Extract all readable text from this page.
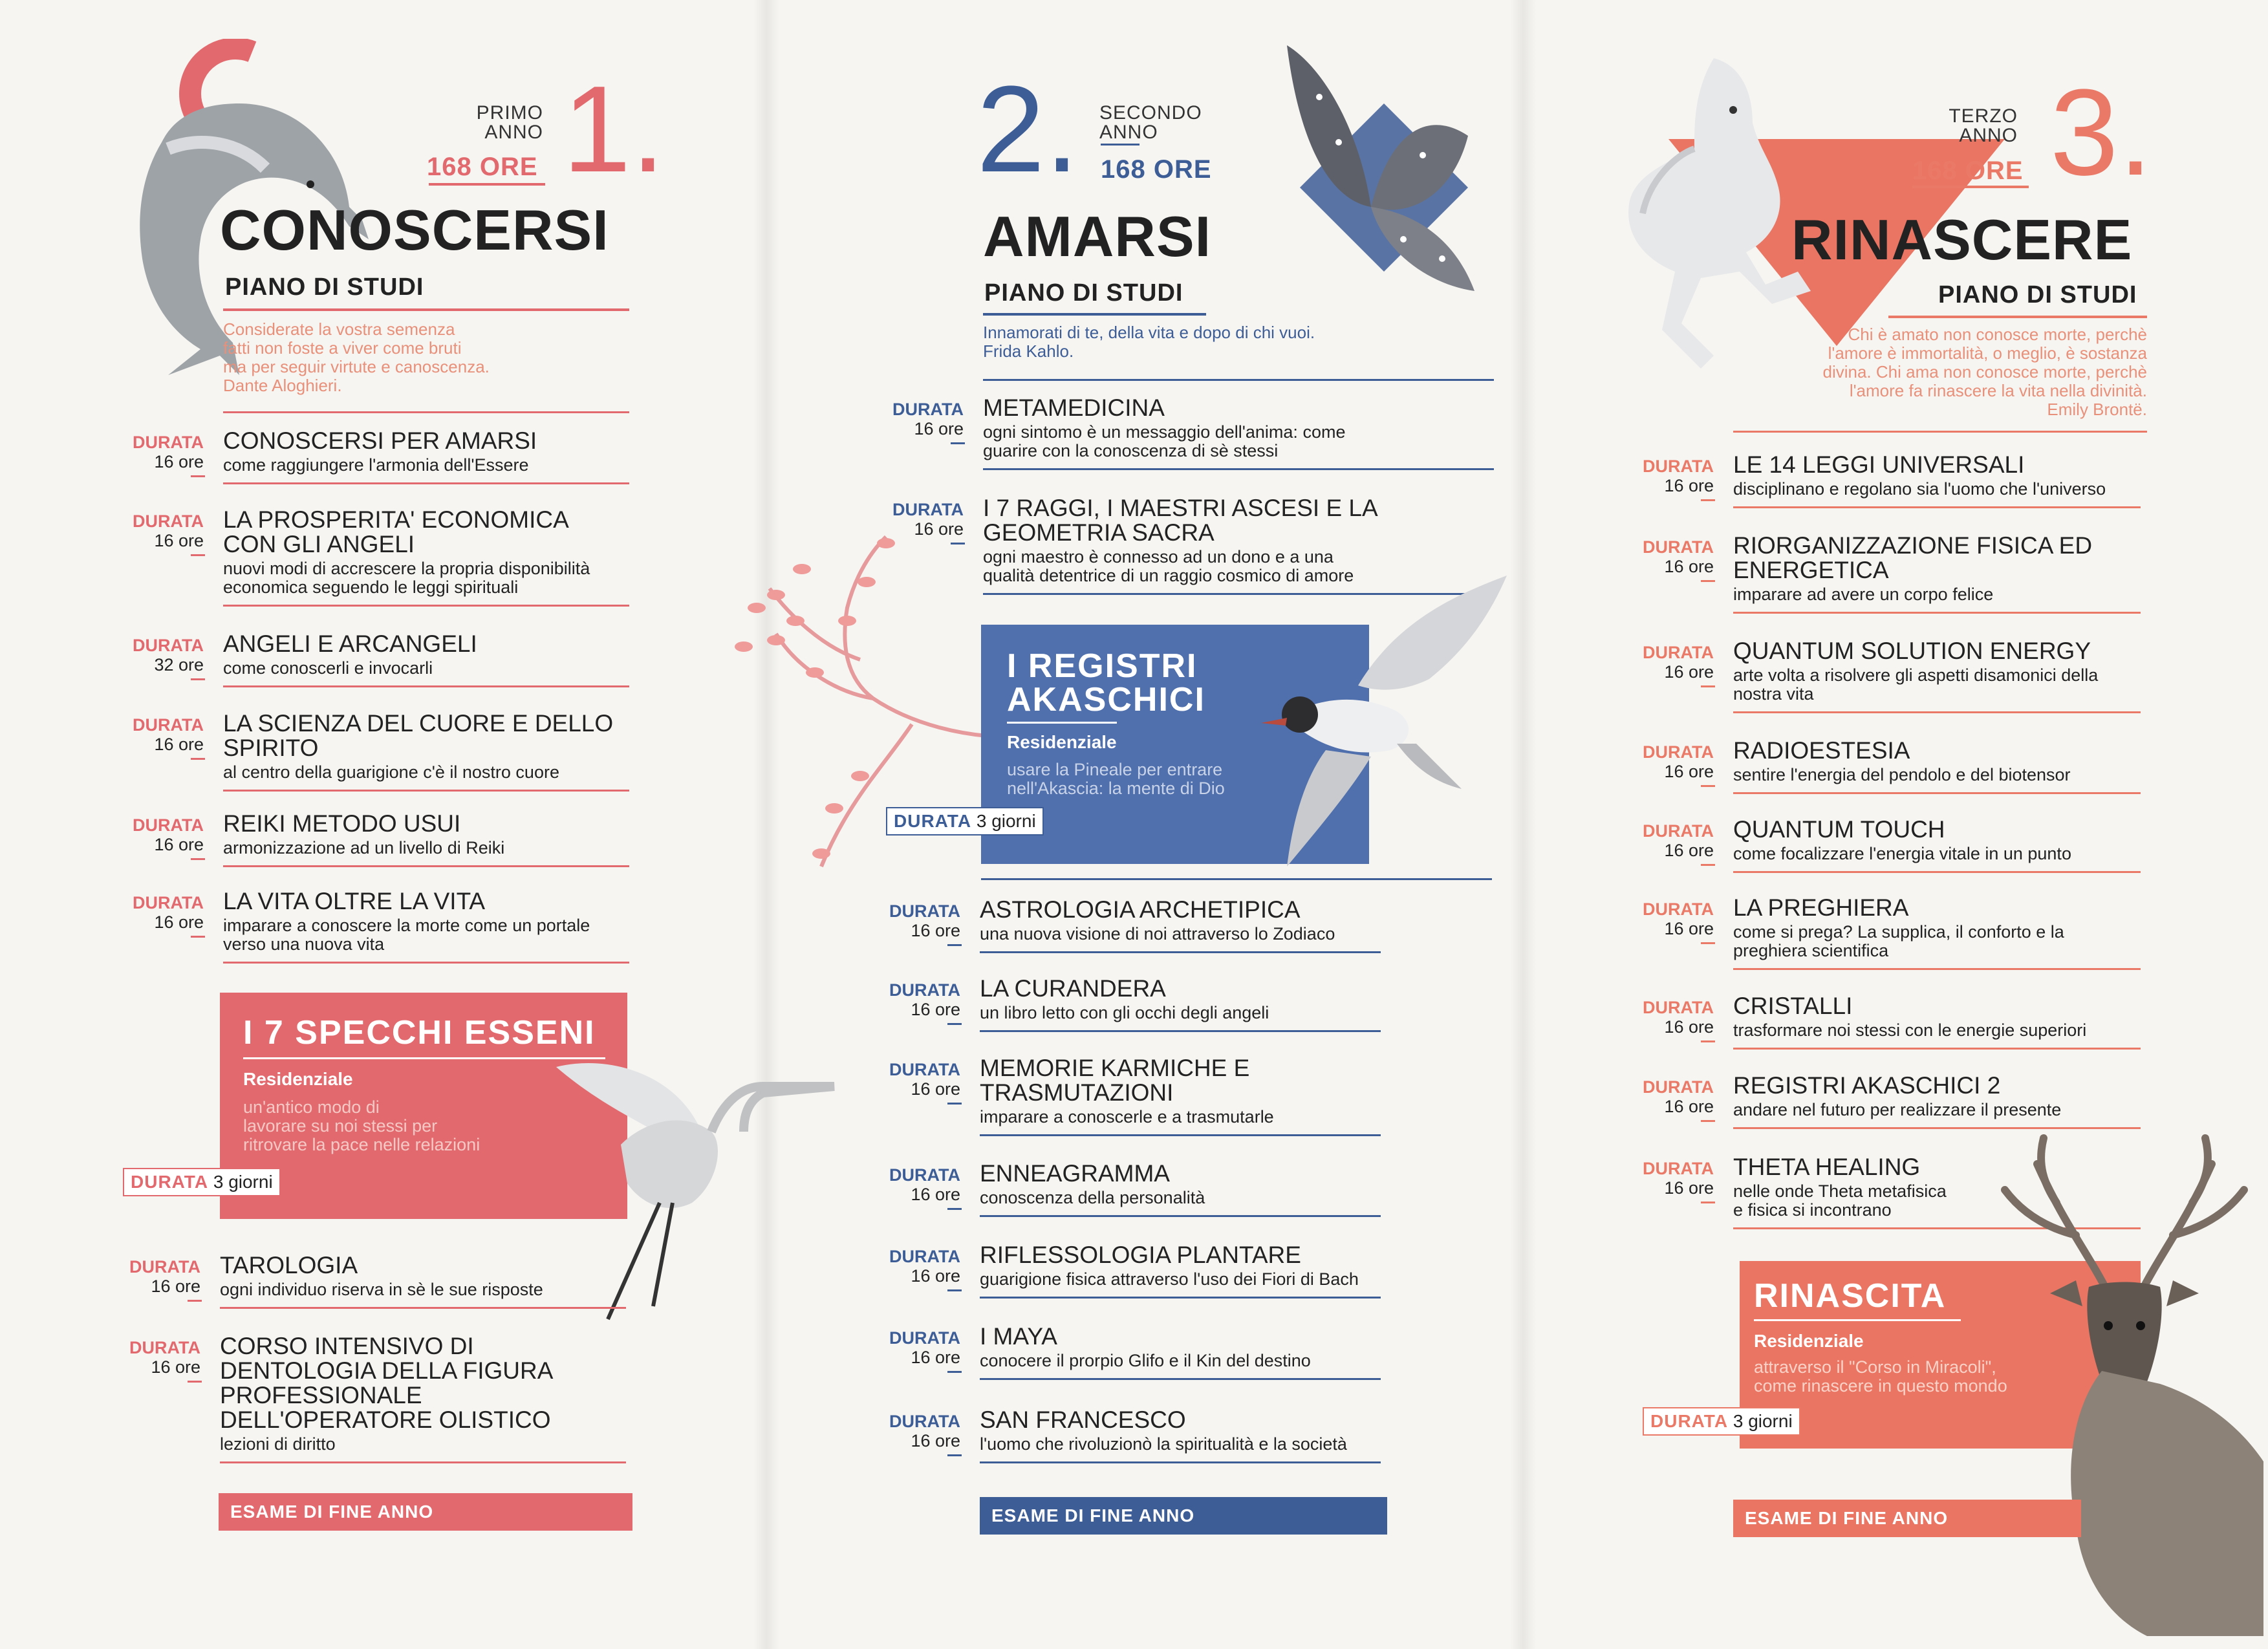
PRIMO
ANNO
168 ORE 1.
CONOSCERSI
PIANO DI STUDI
Considerate la vostra semenza
fatti non foste a viver come bruti
ma per seguir virtute e canoscenza.
Dante Aloghieri.
DURATA
16 ore
CONOSCERSI PER AMARSI
come raggiungere l'armonia dell'Essere
DURATA
16 ore
LA PROSPERITA' ECONOMICA
CON GLI ANGELI
nuovi modi di accrescere la propria disponibilità
economica seguendo le leggi spirituali
DURATA
32 ore
ANGELI E ARCANGELI
come conoscerli e invocarli
DURATA
16 ore
LA SCIENZA DEL CUORE E DELLO
SPIRITO
al centro della guarigione c'è il nostro cuore
DURATA
16 ore
REIKI METODO USUI
armonizzazione ad un livello di Reiki
DURATA
16 ore
LA VITA OLTRE LA VITA
imparare a conoscere la morte come un portale
verso una nuova vita
I 7 SPECCHI ESSENI
Residenziale
un'antico modo di
lavorare su noi stessi per
ritrovare la pace nelle relazioni
DURATA 3 giorni
DURATA
16 ore
TAROLOGIA
ogni individuo riserva in sè le sue risposte
DURATA
16 ore
CORSO INTENSIVO DI
DENTOLOGIA DELLA FIGURA
PROFESSIONALE
DELL'OPERATORE OLISTICO
lezioni di diritto
ESAME DI FINE ANNO
2. SECONDO
ANNO
168 ORE
AMARSI
PIANO DI STUDI
Innamorati di te, della vita e dopo di chi vuoi.
Frida Kahlo.
DURATA
16 ore
METAMEDICINA
ogni sintomo è un messaggio dell'anima: come
guarire con la conoscenza di sè stessi
DURATA
16 ore
I 7 RAGGI, I MAESTRI ASCESI E LA
GEOMETRIA SACRA
ogni maestro è connesso ad un dono e a una
qualità detentrice di un raggio cosmico di amore
I REGISTRI
AKASCHICI
Residenziale
usare la Pineale per entrare
nell'Akascia: la mente di Dio
DURATA 3 giorni
DURATA
16 ore
ASTROLOGIA ARCHETIPICA
una nuova visione di noi attraverso lo Zodiaco
DURATA
16 ore
LA CURANDERA
un libro letto con gli occhi degli angeli
DURATA
16 ore
MEMORIE KARMICHE E
TRASMUTAZIONI
imparare a conoscerle e a trasmutarle
DURATA
16 ore
ENNEAGRAMMA
conoscenza della personalità
DURATA
16 ore
RIFLESSOLOGIA PLANTARE
guarigione fisica attraverso l'uso dei Fiori di Bach
DURATA
16 ore
I MAYA
conocere il prorpio Glifo e il Kin del destino
DURATA
16 ore
SAN FRANCESCO
l'uomo che rivoluzionò la spiritualità e la società
ESAME DI FINE ANNO
TERZO
ANNO
168 ORE 3.
RINASCERE
PIANO DI STUDI
Chi è amato non conosce morte, perchè
l'amore è immortalità, o meglio, è sostanza
divina. Chi ama non conosce morte, perchè
l'amore fa rinascere la vita nella divinità.
Emily Brontë.
DURATA
16 ore
LE 14 LEGGI UNIVERSALI
disciplinano e regolano sia l'uomo che l'universo
DURATA
16 ore
RIORGANIZZAZIONE FISICA ED
ENERGETICA
imparare ad avere un corpo felice
DURATA
16 ore
QUANTUM SOLUTION ENERGY
arte volta a risolvere gli aspetti disamonici della
nostra vita
DURATA
16 ore
RADIOESTESIA
sentire l'energia del pendolo e del biotensor
DURATA
16 ore
QUANTUM TOUCH
come focalizzare l'energia vitale in un punto
DURATA
16 ore
LA PREGHIERA
come si prega? La supplica, il conforto e la
preghiera scientifica
DURATA
16 ore
CRISTALLI
trasformare noi stessi con le energie superiori
DURATA
16 ore
REGISTRI AKASCHICI 2
andare nel futuro per realizzare il presente
DURATA
16 ore
THETA HEALING
nelle onde Theta metafisica
e fisica si incontrano
RINASCITA
Residenziale
attraverso il "Corso in Miracoli",
come rinascere in questo mondo
DURATA 3 giorni
ESAME DI FINE ANNO
